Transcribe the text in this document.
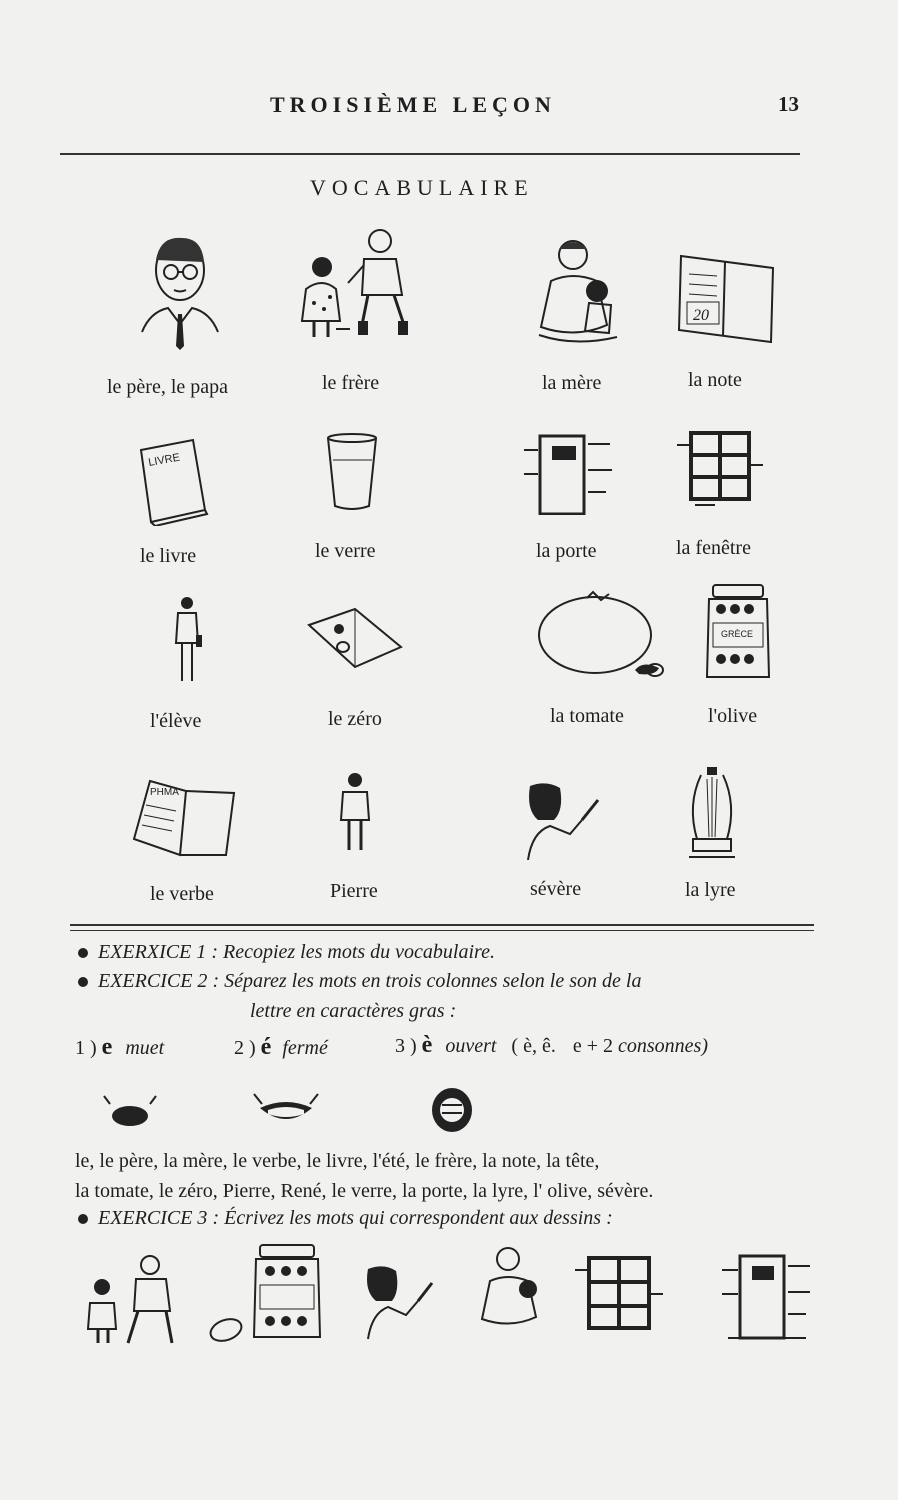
TROISIÈME LEÇON	13
VOCABULAIRE
20
le père, le papa	le frère	la mère	la note
LIVRE
le livre	le verre	la porte	la fenêtre
GRÈCE
l'élève	le zéro	la tomate	l'olive
PHMA
le verbe	Pierre	sévère	la lyre
EXERXICE 1 : Recopiez les mots du vocabulaire.
EXERCICE 2 : Séparez les mots en trois colonnes selon le son de la
lettre en caractères gras :
1 ) e muet	2 ) é fermé	3 ) è ouvert ( è, ê. e + 2 consonnes)
le, le père, la mère, le verbe, le livre, l'été, le frère, la note, la tête,
la tomate, le zéro, Pierre, René, le verre, la porte, la lyre, l' olive, sévère.
EXERCICE 3 : Écrivez les mots qui correspondent aux dessins :
